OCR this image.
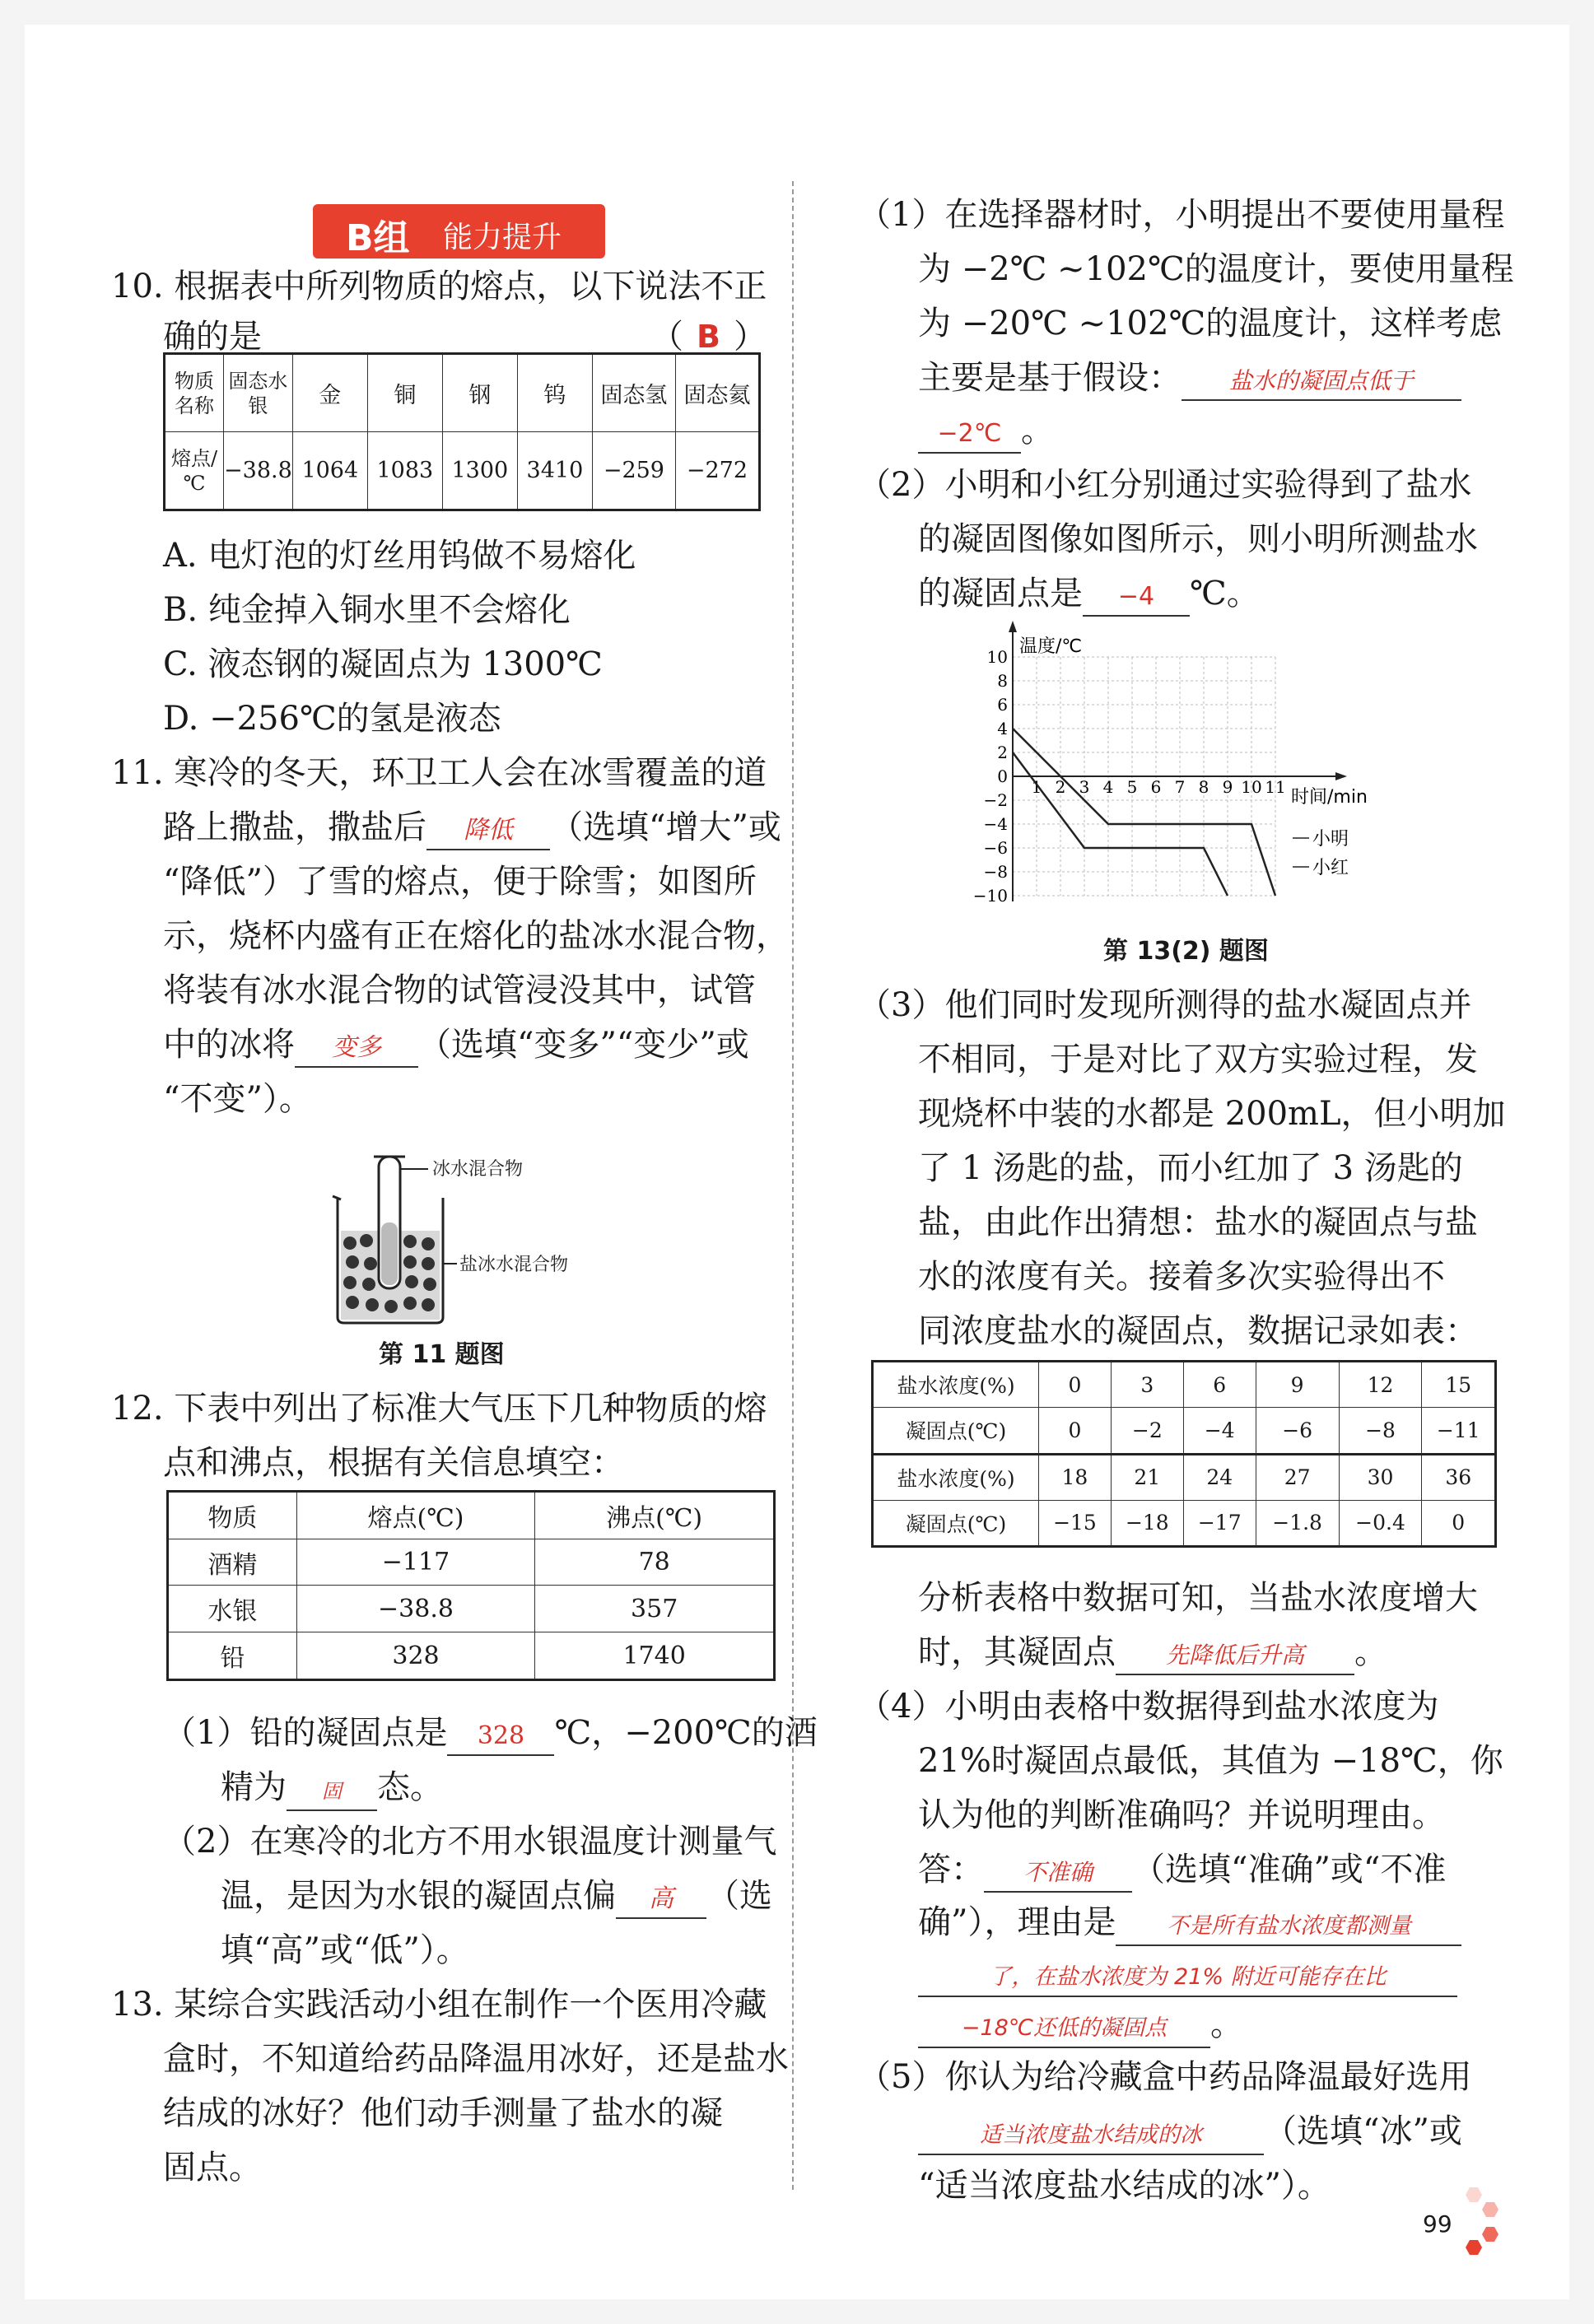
B组 能力提升
10. 根据表中所列物质的熔点，以下说法不正
确的是	（ B ）
物质名称	固态水银	金	铜	钢	钨	固态氢	固态氦
熔点/℃	−38.8	1064	1083	1300	3410	−259	−272
A. 电灯泡的灯丝用钨做不易熔化
B. 纯金掉入铜水里不会熔化
C. 液态钢的凝固点为 1300℃
D. −256℃的氢是液态
11. 寒冷的冬天，环卫工人会在冰雪覆盖的道
路上撒盐，撒盐后 降低 （选填“增大”或
“降低”）了雪的熔点，便于除雪；如图所
示，烧杯内盛有正在熔化的盐冰水混合物，
将装有冰水混合物的试管浸没其中，试管
中的冰将 变多 （选填“变多”“变少”或
“不变”）。
冰水混合物
盐冰水混合物
第 11 题图
12. 下表中列出了标准大气压下几种物质的熔
点和沸点，根据有关信息填空：
物质	熔点(℃)	沸点(℃)
酒精	−117	78
水银	−38.8	357
铅	328	1740
（1）铅的凝固点是 328 ℃，−200℃的酒
精为 固 态。
（2）在寒冷的北方不用水银温度计测量气
温，是因为水银的凝固点偏 高 （选
填“高”或“低”）。
13. 某综合实践活动小组在制作一个医用冷藏
盒时，不知道给药品降温用冰好，还是盐水
结成的冰好？他们动手测量了盐水的凝
固点。
（1）在选择器材时，小明提出不要使用量程
为 −2℃ ~102℃的温度计，要使用量程
为 −20℃ ~102℃的温度计，这样考虑
主要是基于假设： 盐水的凝固点低于
−2℃ 。
（2）小明和小红分别通过实验得到了盐水
的凝固图像如图所示，则小明所测盐水
的凝固点是 −4 ℃。
温度/℃
时间/min
10
8
6
4
2
0
−2
−4
−6
−8
−10
1 2 3 4 5 6 7 8 9 10 11
小明
小红
第 13(2) 题图
（3）他们同时发现所测得的盐水凝固点并
不相同，于是对比了双方实验过程，发
现烧杯中装的水都是 200mL，但小明加
了 1 汤匙的盐，而小红加了 3 汤匙的
盐，由此作出猜想：盐水的凝固点与盐
水的浓度有关。接着多次实验得出不
同浓度盐水的凝固点，数据记录如表：
盐水浓度(%)	0	3	6	9	12	15
凝固点(℃)	0	−2	−4	−6	−8	−11
盐水浓度(%)	18	21	24	27	30	36
凝固点(℃)	−15	−18	−17	−1.8	−0.4	0
分析表格中数据可知，当盐水浓度增大
时，其凝固点 先降低后升高 。
（4）小明由表格中数据得到盐水浓度为
21%时凝固点最低，其值为 −18℃，你
认为他的判断准确吗？并说明理由。
答： 不准确 （选填“准确”或“不准
确”），理由是 不是所有盐水浓度都测量
了，在盐水浓度为 21% 附近可能存在比
−18℃还低的凝固点 。
（5）你认为给冷藏盒中药品降温最好选用
适当浓度盐水结成的冰 （选填“冰”或
“适当浓度盐水结成的冰”）。
99
